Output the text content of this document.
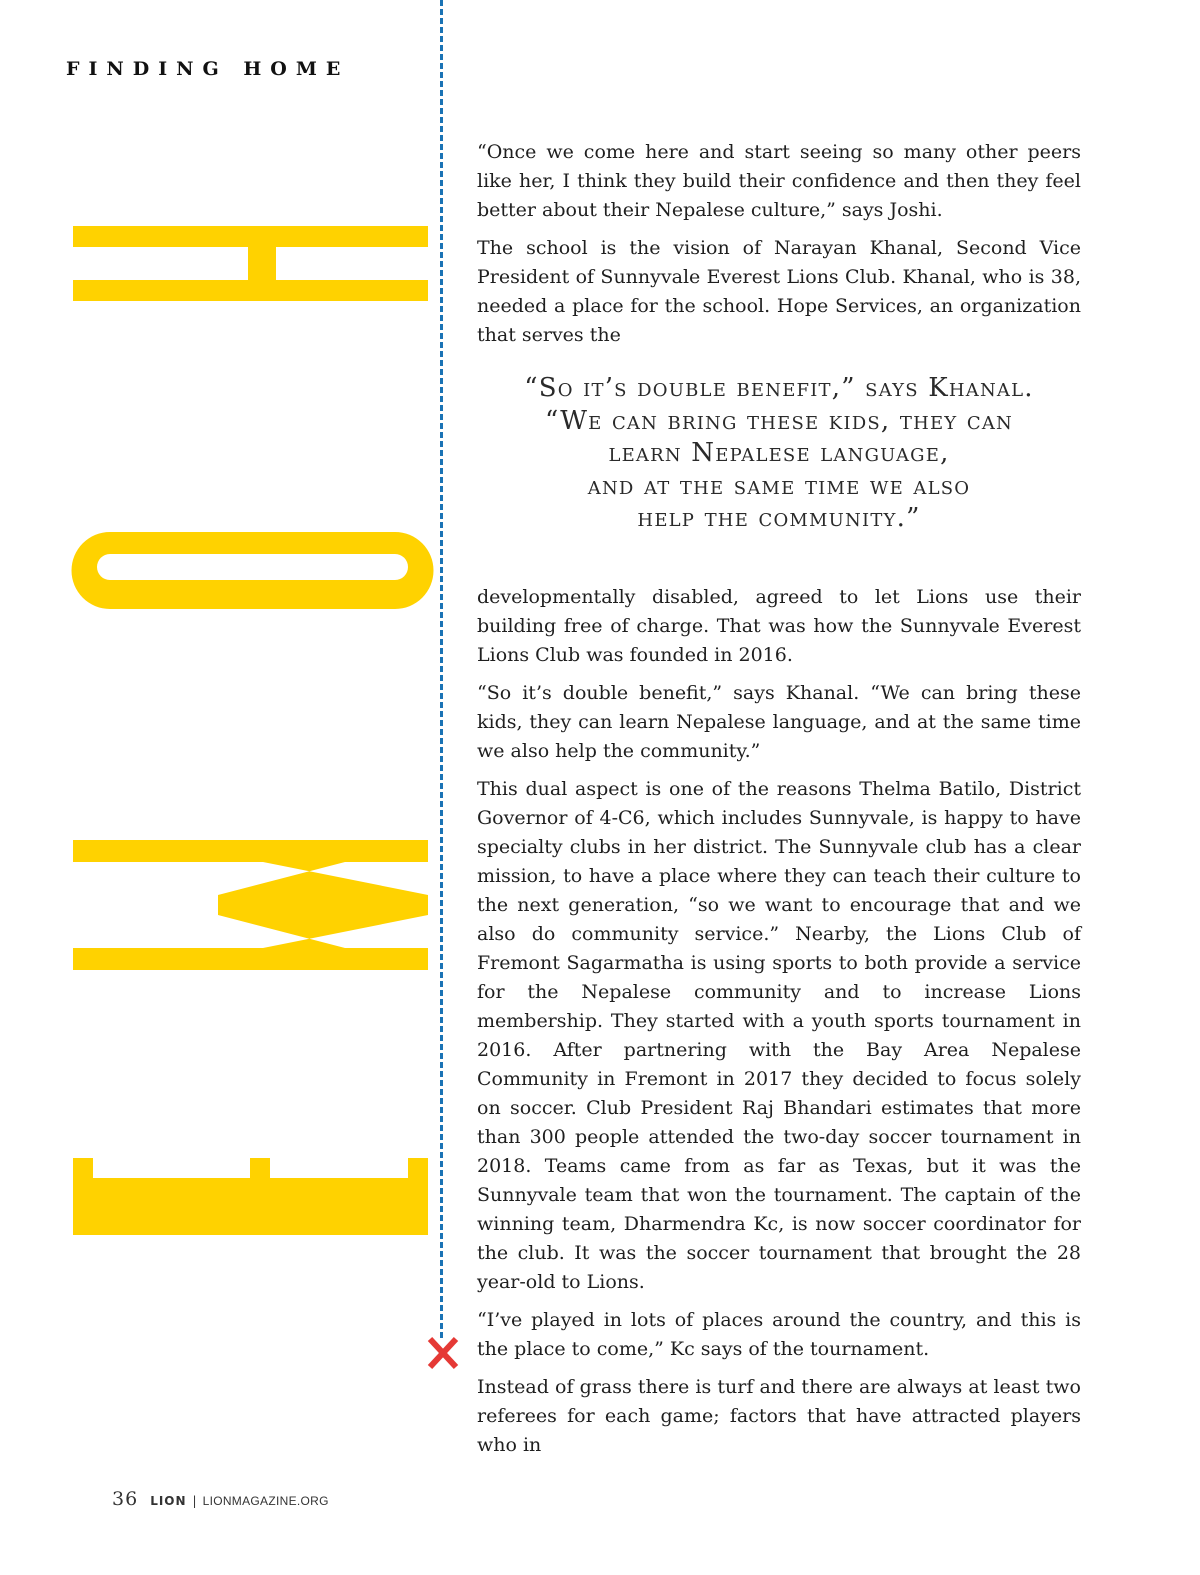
FINDING HOME

“Once we come here and start seeing so many other peers like her, I think they build their confidence and then they feel better about their Nepalese culture,” says Joshi.

The school is the vision of Narayan Khanal, Second Vice President of Sunnyvale Everest Lions Club. Khanal, who is 38, needed a place for the school. Hope Services, an organization that serves the

“So it’s double benefit,” says Khanal.
“We can bring these kids, they can
learn Nepalese language,
and at the same time we also
help the community.”

developmentally disabled, agreed to let Lions use their building free of charge. That was how the Sunnyvale Everest Lions Club was founded in 2016.

“So it’s double benefit,” says Khanal. “We can bring these kids, they can learn Nepalese language, and at the same time we also help the community.”

This dual aspect is one of the reasons Thelma Batilo, District Governor of 4-C6, which includes Sunnyvale, is happy to have specialty clubs in her district. The Sunnyvale club has a clear mission, to have a place where they can teach their culture to the next generation, “so we want to encourage that and we also do community service.” Nearby, the Lions Club of Fremont Sagarmatha is using sports to both provide a service for the Nepalese community and to increase Lions membership. They started with a youth sports tournament in 2016. After partnering with the Bay Area Nepalese Community in Fremont in 2017 they decided to focus solely on soccer. Club President Raj Bhandari estimates that more than 300 people attended the two-day soccer tournament in 2018. Teams came from as far as Texas, but it was the Sunnyvale team that won the tournament. The captain of the winning team, Dharmendra Kc, is now soccer coordinator for the club. It was the soccer tournament that brought the 28 year-old to Lions.

“I’ve played in lots of places around the country, and this is the place to come,” Kc says of the tournament.

Instead of grass there is turf and there are always at least two referees for each game; factors that have attracted players who in

36 LION | LIONMAGAZINE.ORG
